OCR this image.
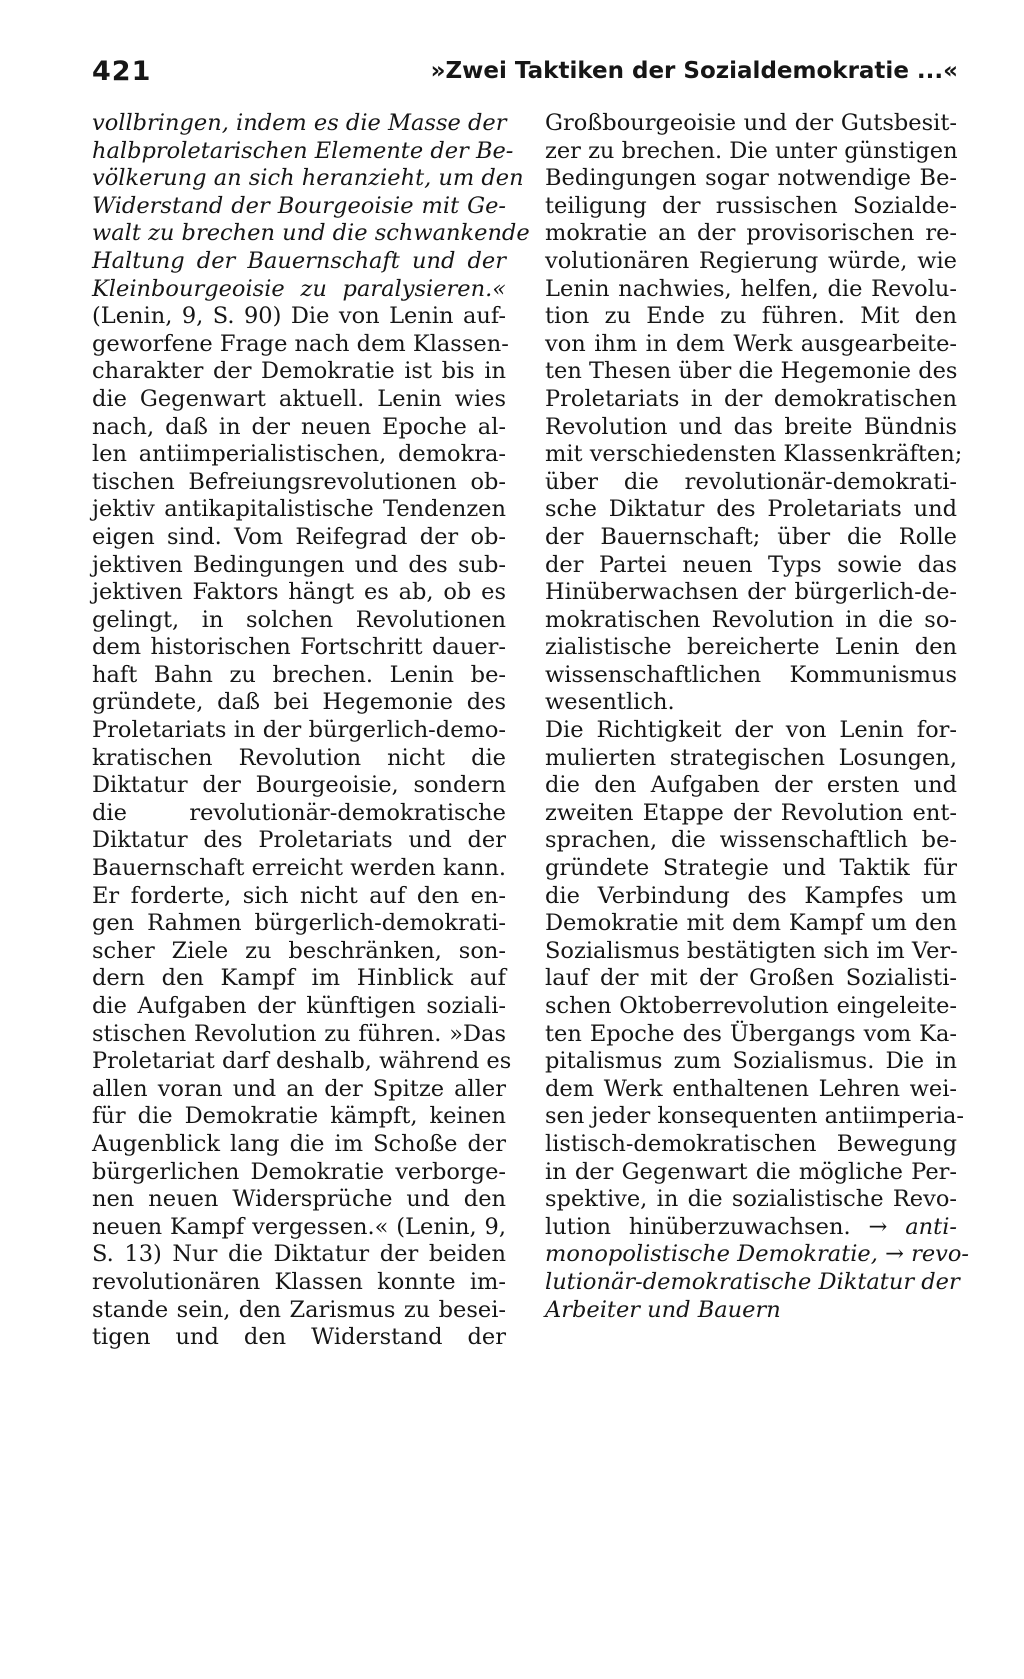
421	»Zwei Taktiken der Sozialdemokratie ...«
vollbringen, indem es die Masse der
halbproletarischen Elemente der Be-
völkerung an sich heranzieht, um den
Widerstand der Bourgeoisie mit Ge-
walt zu brechen und die schwankende
Haltung der Bauernschaft und der
Kleinbourgeoisie zu paralysieren.«
(Lenin, 9, S. 90) Die von Lenin auf-
geworfene Frage nach dem Klassen-
charakter der Demokratie ist bis in
die Gegenwart aktuell. Lenin wies
nach, daß in der neuen Epoche al-
len antiimperialistischen, demokra-
tischen Befreiungsrevolutionen ob-
jektiv antikapitalistische Tendenzen
eigen sind. Vom Reifegrad der ob-
jektiven Bedingungen und des sub-
jektiven Faktors hängt es ab, ob es
gelingt, in solchen Revolutionen
dem historischen Fortschritt dauer-
haft Bahn zu brechen. Lenin be-
gründete, daß bei Hegemonie des
Proletariats in der bürgerlich-demo-
kratischen Revolution nicht die
Diktatur der Bourgeoisie, sondern
die revolutionär-demokratische
Diktatur des Proletariats und der
Bauernschaft erreicht werden kann.
Er forderte, sich nicht auf den en-
gen Rahmen bürgerlich-demokrati-
scher Ziele zu beschränken, son-
dern den Kampf im Hinblick auf
die Aufgaben der künftigen soziali-
stischen Revolution zu führen. »Das
Proletariat darf deshalb, während es
allen voran und an der Spitze aller
für die Demokratie kämpft, keinen
Augenblick lang die im Schoße der
bürgerlichen Demokratie verborge-
nen neuen Widersprüche und den
neuen Kampf vergessen.« (Lenin, 9,
S. 13) Nur die Diktatur der beiden
revolutionären Klassen konnte im-
stande sein, den Zarismus zu besei-
tigen und den Widerstand der
Großbourgeoisie und der Gutsbesit-
zer zu brechen. Die unter günstigen
Bedingungen sogar notwendige Be-
teiligung der russischen Sozialde-
mokratie an der provisorischen re-
volutionären Regierung würde, wie
Lenin nachwies, helfen, die Revolu-
tion zu Ende zu führen. Mit den
von ihm in dem Werk ausgearbeite-
ten Thesen über die Hegemonie des
Proletariats in der demokratischen
Revolution und das breite Bündnis
mit verschiedensten Klassenkräften;
über die revolutionär-demokrati-
sche Diktatur des Proletariats und
der Bauernschaft; über die Rolle
der Partei neuen Typs sowie das
Hinüberwachsen der bürgerlich-de-
mokratischen Revolution in die so-
zialistische bereicherte Lenin den
wissenschaftlichen Kommunismus
wesentlich.
Die Richtigkeit der von Lenin for-
mulierten strategischen Losungen,
die den Aufgaben der ersten und
zweiten Etappe der Revolution ent-
sprachen, die wissenschaftlich be-
gründete Strategie und Taktik für
die Verbindung des Kampfes um
Demokratie mit dem Kampf um den
Sozialismus bestätigten sich im Ver-
lauf der mit der Großen Sozialisti-
schen Oktoberrevolution eingeleite-
ten Epoche des Übergangs vom Ka-
pitalismus zum Sozialismus. Die in
dem Werk enthaltenen Lehren wei-
sen jeder konsequenten antiimperia-
listisch-demokratischen Bewegung
in der Gegenwart die mögliche Per-
spektive, in die sozialistische Revo-
lution hinüberzuwachsen. → anti-
monopolistische Demokratie, → revo-
lutionär-demokratische Diktatur der
Arbeiter und Bauern
